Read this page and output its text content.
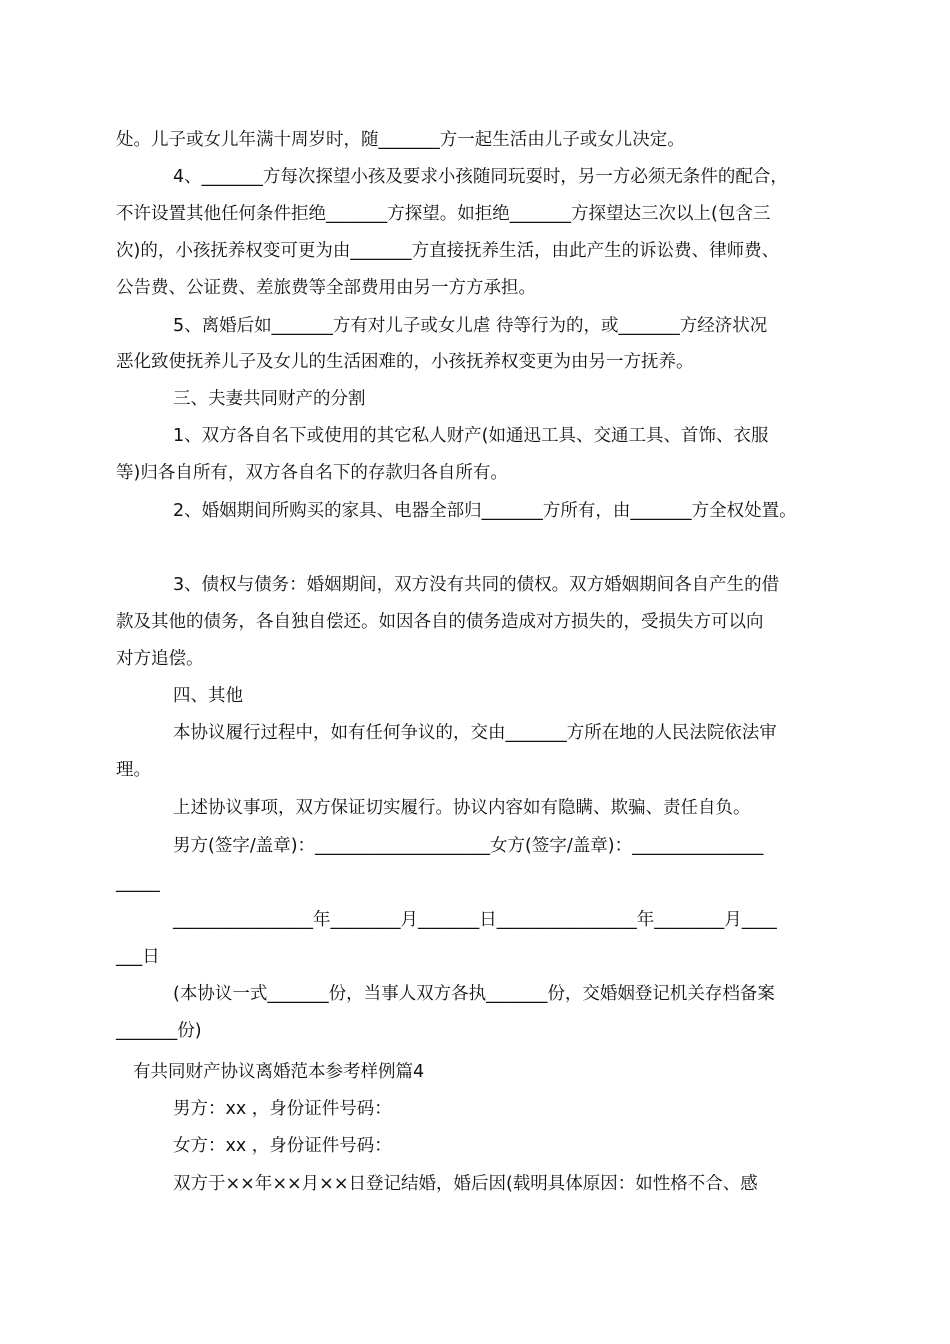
处。儿子或女儿年满十周岁时，随_______方一起生活由儿子或女儿决定。
4、_______方每次探望小孩及要求小孩随同玩耍时，另一方必须无条件的配合，
不许设置其他任何条件拒绝_______方探望。如拒绝_______方探望达三次以上(包含三
次)的，小孩抚养权变可更为由_______方直接抚养生活，由此产生的诉讼费、律师费、
公告费、公证费、差旅费等全部费用由另一方方承担。
5、离婚后如_______方有对儿子或女儿虐 待等行为的，或_______方经济状况
恶化致使抚养儿子及女儿的生活困难的，小孩抚养权变更为由另一方抚养。
三、夫妻共同财产的分割
1、双方各自名下或使用的其它私人财产(如通迅工具、交通工具、首饰、衣服
等)归各自所有，双方各自名下的存款归各自所有。
2、婚姻期间所购买的家具、电器全部归_______方所有，由_______方全权处置。
3、债权与债务：婚姻期间，双方没有共同的债权。双方婚姻期间各自产生的借
款及其他的债务，各自独自偿还。如因各自的债务造成对方损失的，受损失方可以向
对方追偿。
四、其他
本协议履行过程中，如有任何争议的，交由_______方所在地的人民法院依法审
理。
上述协议事项，双方保证切实履行。协议内容如有隐瞒、欺骗、责任自负。
男方(签字/盖章)：____________________女方(签字/盖章)：_______________
_____
________________年________月_______日________________年________月____
___日
(本协议一式_______份，当事人双方各执_______份，交婚姻登记机关存档备案
_______份)
有共同财产协议离婚范本参考样例篇4
男方：xx ，身份证件号码：
女方：xx ，身份证件号码：
双方于××年××月××日登记结婚，婚后因(载明具体原因：如性格不合、感
